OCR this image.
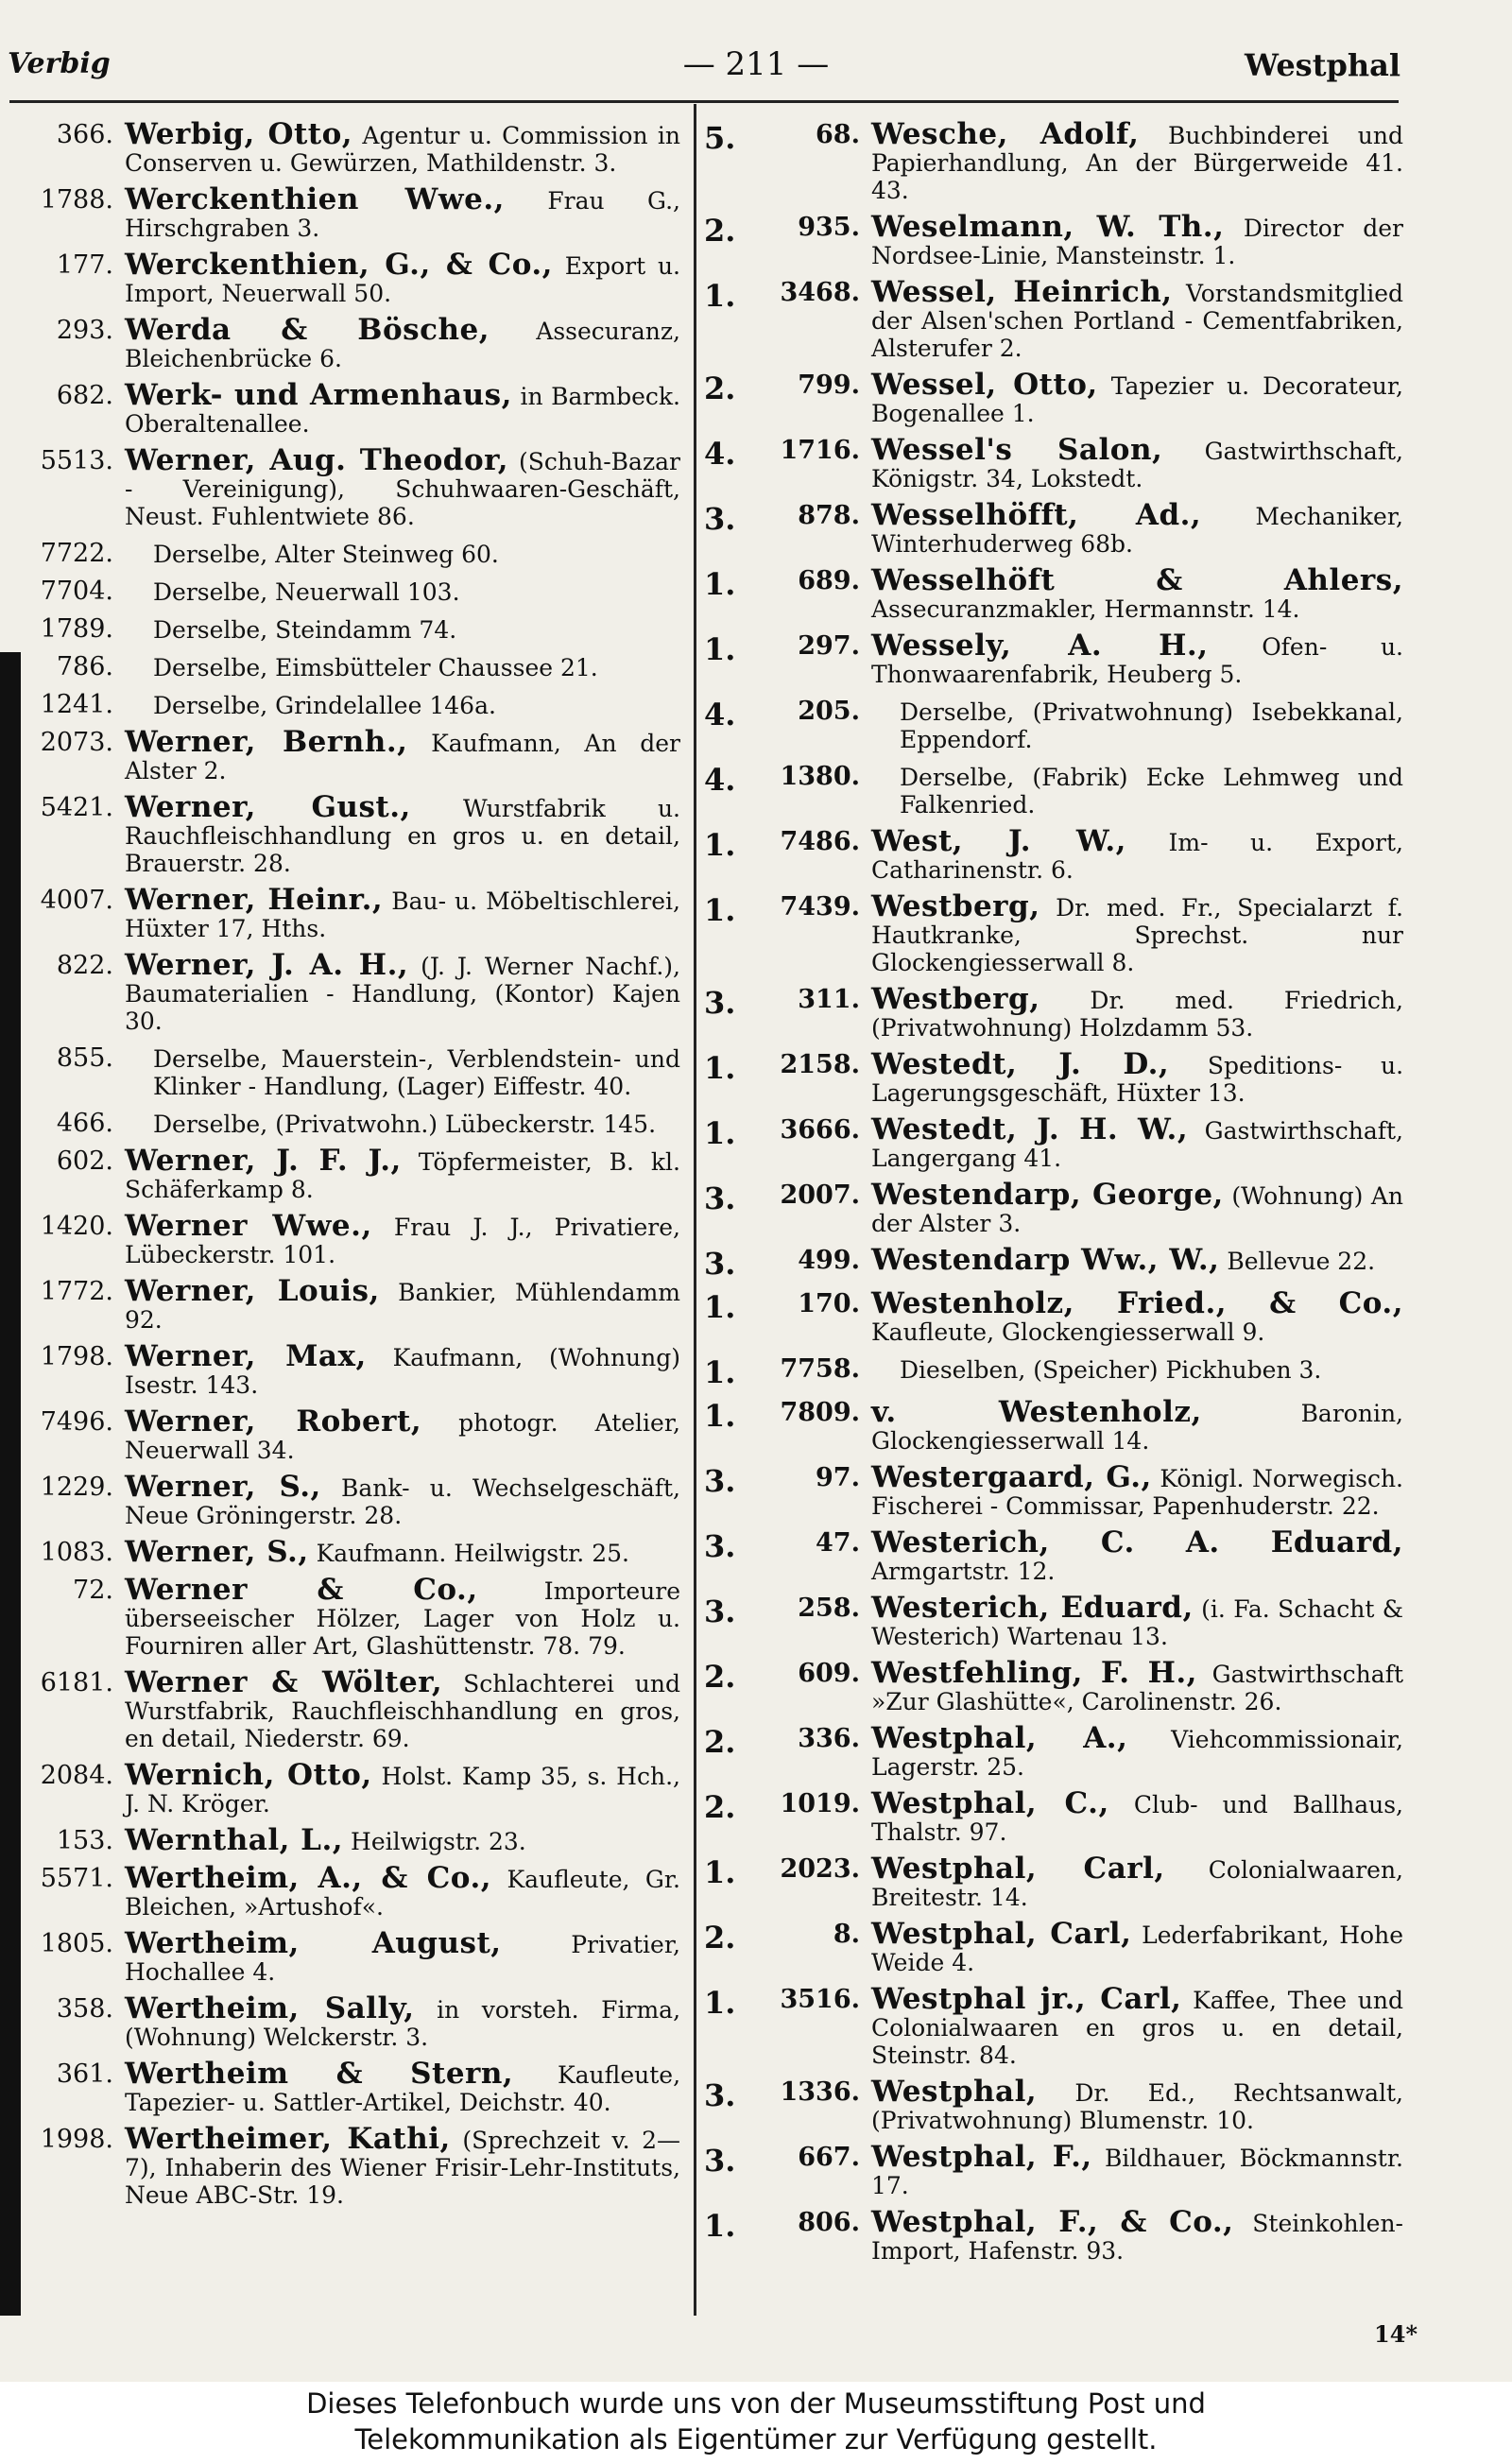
Verbig	— 211 —	Westphal
366. Werbig, Otto, Agentur u. Commission in Conserven u. Gewürzen, Mathildenstr. 3.
1788. Werckenthien Wwe., Frau G., Hirschgraben 3.
177. Werckenthien, G., & Co., Export u. Import, Neuerwall 50.
293. Werda & Bösche, Assecuranz, Bleichenbrücke 6.
682. Werk- und Armenhaus, in Barmbeck. Oberaltenallee.
5513. Werner, Aug. Theodor, (Schuh-Bazar - Vereinigung), Schuhwaaren-Geschäft, Neust. Fuhlentwiete 86.
7722.	Derselbe, Alter Steinweg 60.
7704.	Derselbe, Neuerwall 103.
1789.	Derselbe, Steindamm 74.
786.	Derselbe, Eimsbütteler Chaussee 21.
1241.	Derselbe, Grindelallee 146a.
2073. Werner, Bernh., Kaufmann, An der Alster 2.
5421. Werner, Gust., Wurstfabrik u. Rauchfleischhandlung en gros u. en detail, Brauerstr. 28.
4007. Werner, Heinr., Bau- u. Möbeltischlerei, Hüxter 17, Hths.
822. Werner, J. A. H., (J. J. Werner Nachf.), Baumaterialien - Handlung, (Kontor) Kajen 30.
855.	Derselbe, Mauerstein-, Verblendstein- und Klinker - Handlung, (Lager) Eiffestr. 40.
466.	Derselbe, (Privatwohn.) Lübeckerstr. 145.
602. Werner, J. F. J., Töpfermeister, B. kl. Schäferkamp 8.
1420. Werner Wwe., Frau J. J., Privatiere, Lübeckerstr. 101.
1772. Werner, Louis, Bankier, Mühlendamm 92.
1798. Werner, Max, Kaufmann, (Wohnung) Isestr. 143.
7496. Werner, Robert, photogr. Atelier, Neuerwall 34.
1229. Werner, S., Bank- u. Wechselgeschäft, Neue Gröningerstr. 28.
1083. Werner, S., Kaufmann. Heilwigstr. 25.
72. Werner & Co.,	Importeure überseeischer Hölzer, Lager von Holz u. Fourniren aller Art, Glashüttenstr. 78. 79.
6181. Werner & Wölter, Schlachterei und Wurstfabrik, Rauchfleischhandlung en gros, en detail, Niederstr. 69.
2084. Wernich, Otto, Holst. Kamp 35, s. Hch., J. N. Kröger.
153. Wernthal, L., Heilwigstr. 23.
5571. Wertheim, A., & Co., Kaufleute, Gr. Bleichen, »Artushof«.
1805. Wertheim, August,	Privatier, Hochallee 4.
358. Wertheim, Sally, in vorsteh. Firma, (Wohnung) Welckerstr. 3.
361. Wertheim & Stern, Kaufleute, Tapezier- u. Sattler-Artikel, Deichstr. 40.
1998. Wertheimer, Kathi, (Sprechzeit v. 2—7), Inhaberin des Wiener Frisir-Lehr-Instituts, Neue ABC-Str. 19.
5.	68. Wesche, Adolf, Buchbinderei und Papierhandlung, An der Bürgerweide 41. 43.
2.	935. Weselmann, W. Th., Director der Nordsee-Linie, Mansteinstr. 1.
1.	3468. Wessel, Heinrich, Vorstandsmitglied der Alsen'schen Portland - Cementfabriken, Alsterufer 2.
2.	799. Wessel, Otto, Tapezier u. Decorateur, Bogenallee 1.
4.	1716. Wessel's Salon, Gastwirthschaft, Königstr. 34, Lokstedt.
3.	878. Wesselhöfft, Ad., Mechaniker, Winterhuderweg 68b.
1.	689. Wesselhöft & Ahlers, Assecuranzmakler, Hermannstr. 14.
1.	297. Wessely, A. H., Ofen- u. Thonwaarenfabrik, Heuberg 5.
4.	205.	Derselbe, (Privatwohnung) Isebekkanal, Eppendorf.
4.	1380.	Derselbe, (Fabrik) Ecke Lehmweg und Falkenried.
1.	7486. West, J. W., Im- u. Export, Catharinenstr. 6.
1.	7439. Westberg, Dr. med. Fr., Specialarzt f. Hautkranke, Sprechst. nur Glockengiesserwall 8.
3.	311. Westberg, Dr. med. Friedrich, (Privatwohnung) Holzdamm 53.
1.	2158. Westedt, J. D., Speditions- u. Lagerungsgeschäft, Hüxter 13.
1.	3666. Westedt, J. H. W., Gastwirthschaft, Langergang 41.
3.	2007. Westendarp, George, (Wohnung) An der Alster 3.
3.	499. Westendarp Ww., W., Bellevue 22.
1.	170. Westenholz, Fried., & Co., Kaufleute, Glockengiesserwall 9.
1.	7758.	Dieselben, (Speicher) Pickhuben 3.
1.	7809. v. Westenholz,	Baronin, Glockengiesserwall 14.
3.	97. Westergaard, G., Königl. Norwegisch. Fischerei - Commissar, Papenhuderstr. 22.
3.	47. Westerich, C. A. Eduard, Armgartstr. 12.
3.	258. Westerich, Eduard, (i. Fa. Schacht & Westerich) Wartenau 13.
2.	609. Westfehling, F. H., Gastwirthschaft »Zur Glashütte«, Carolinenstr. 26.
2.	336. Westphal, A., Viehcommissionair, Lagerstr. 25.
2.	1019. Westphal, C., Club- und Ballhaus, Thalstr. 97.
1.	2023. Westphal, Carl, Colonialwaaren, Breitestr. 14.
2.	8. Westphal, Carl, Lederfabrikant, Hohe Weide 4.
1.	3516. Westphal jr., Carl, Kaffee, Thee und Colonialwaaren en gros u. en detail, Steinstr. 84.
3.	1336. Westphal, Dr. Ed., Rechtsanwalt, (Privatwohnung) Blumenstr. 10.
3.	667. Westphal, F., Bildhauer, Böckmannstr. 17.
1.	806. Westphal, F., & Co., Steinkohlen-Import, Hafenstr. 93.
14*
Dieses Telefonbuch wurde uns von der Museumsstiftung Post und
Telekommunikation als Eigentümer zur Verfügung gestellt.
